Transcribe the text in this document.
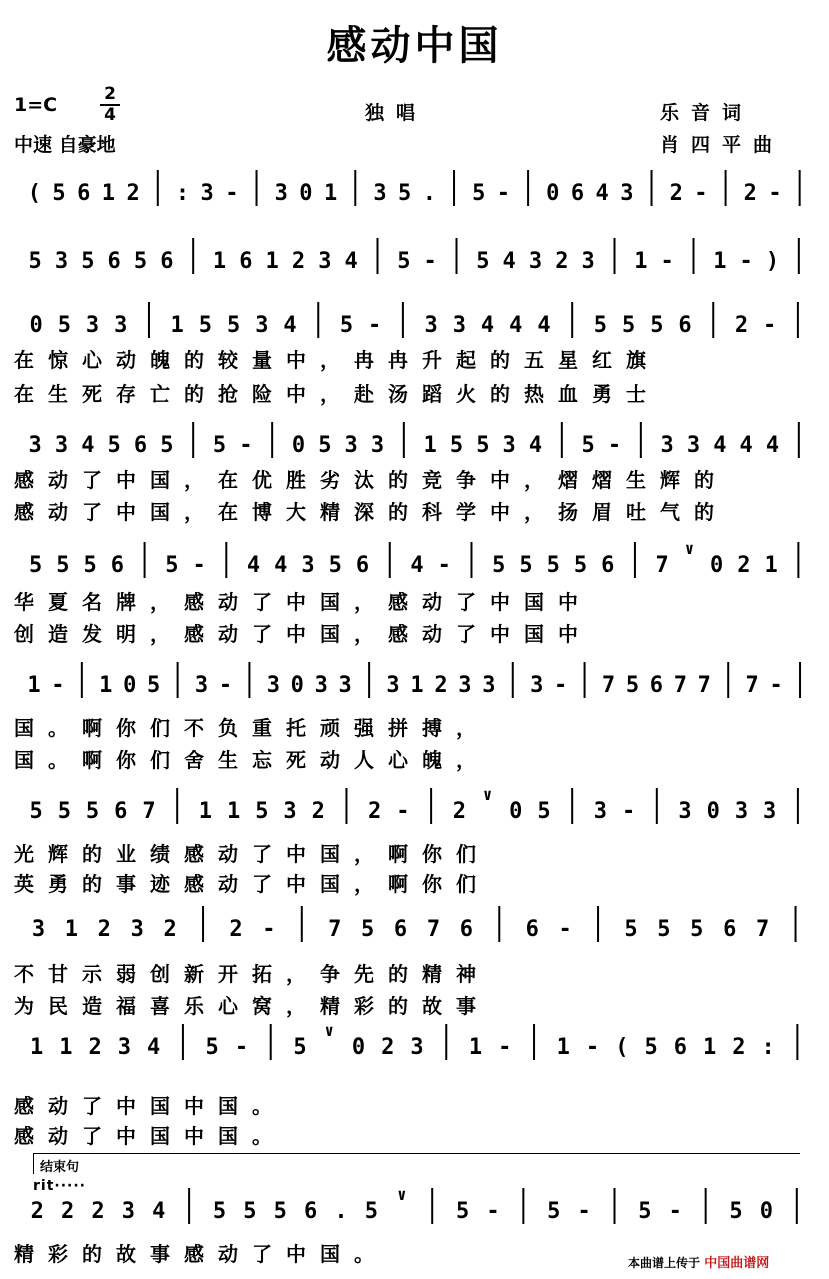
感动中国
1=C	2
4
中速 自豪地
独唱	乐音词
肖四平曲
( 5 6 1 2 : 3 - 3 0 1 3 5 . 5 - 0 6 4 3 2 - 2 -
5 3 5 6 5 6 1 6 1 2 3 4 5 - 5 4 3 2 3 1 - 1 - )
0 5 3 3 1 5 5 3 4 5 - 3 3 4 4 4 5 5 5 6 2 -
3 3 4 5 6 5 5 - 0 5 3 3 1 5 5 3 4 5 - 3 3 4 4 4
5 5 5 6 5 - 4 4 3 5 6 4 - 5 5 5 5 6 7
∨
0 2 1
1 - 1 0 5 3 - 3 0 3 3 3 1 2 3 3 3 - 7 5 6 7 7 7 -
5 5 5 6 7 1 1 5 3 2 2 - 2
∨
0 5 3 - 3 0 3 3
3 1 2 3 2 2 - 7 5 6 7 6 6 - 5 5 5 6 7
1 1 2 3 4 5 - 5
∨
0 2 3 1 - 1 - ( 5 6 1 2 :
2 2 2 3 4 5 5 5 6 . 5
∨
5 - 5 - 5 - 5 0
在惊心动魄的较量中，冉冉升起的五星红旗
在生死存亡的抢险中，赴汤蹈火的热血勇士
感动了中国，在优胜劣汰的竞争中，熠熠生辉的
感动了中国，在博大精深的科学中，扬眉吐气的
华夏名牌，感动了中国，感动了中国中
创造发明，感动了中国，感动了中国中
国。啊你们不负重托顽强拼搏，
国。啊你们舍生忘死动人心魄，
光辉的业绩感动了中国，啊你们
英勇的事迹感动了中国，啊你们
不甘示弱创新开拓，争先的精神
为民造福喜乐心窝，精彩的故事
感动了中国中国。
感动了中国中国。
精彩的故事感动了中国。
结束句
rit·····
本曲谱上传于 中国曲谱网
